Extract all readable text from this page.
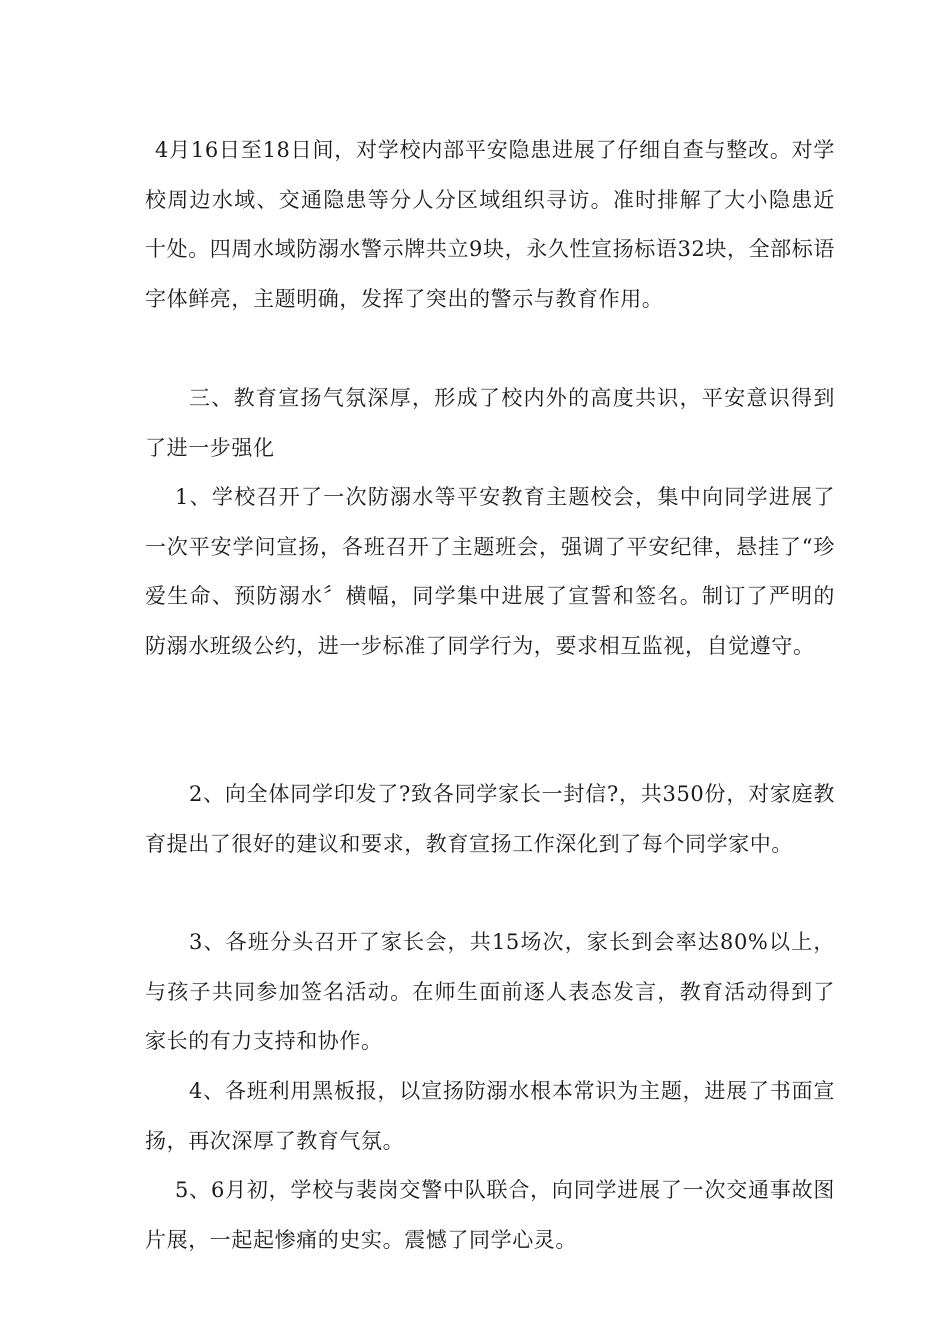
4月16日至18日间，对学校内部平安隐患进展了仔细自查与整改。对学校周边水域、交通隐患等分人分区域组织寻访。准时排解了大小隐患近十处。四周水域防溺水警示牌共立9块，永久性宣扬标语32块，全部标语字体鲜亮，主题明确，发挥了突出的警示与教育作用。

三、教育宣扬气氛深厚，形成了校内外的高度共识，平安意识得到了进一步强化

1、学校召开了一次防溺水等平安教育主题校会，集中向同学进展了一次平安学问宣扬，各班召开了主题班会，强调了平安纪律，悬挂了“珍爱生命、预防溺水〞横幅，同学集中进展了宣誓和签名。制订了严明的防溺水班级公约，进一步标准了同学行为，要求相互监视，自觉遵守。

2、向全体同学印发了?致各同学家长一封信?，共350份，对家庭教育提出了很好的建议和要求，教育宣扬工作深化到了每个同学家中。

3、各班分头召开了家长会，共15场次，家长到会率达80%以上，与孩子共同参加签名活动。在师生面前逐人表态发言，教育活动得到了家长的有力支持和协作。

4、各班利用黑板报，以宣扬防溺水根本常识为主题，进展了书面宣扬，再次深厚了教育气氛。

5、6月初，学校与裴岗交警中队联合，向同学进展了一次交通事故图片展，一起起惨痛的史实。震憾了同学心灵。
